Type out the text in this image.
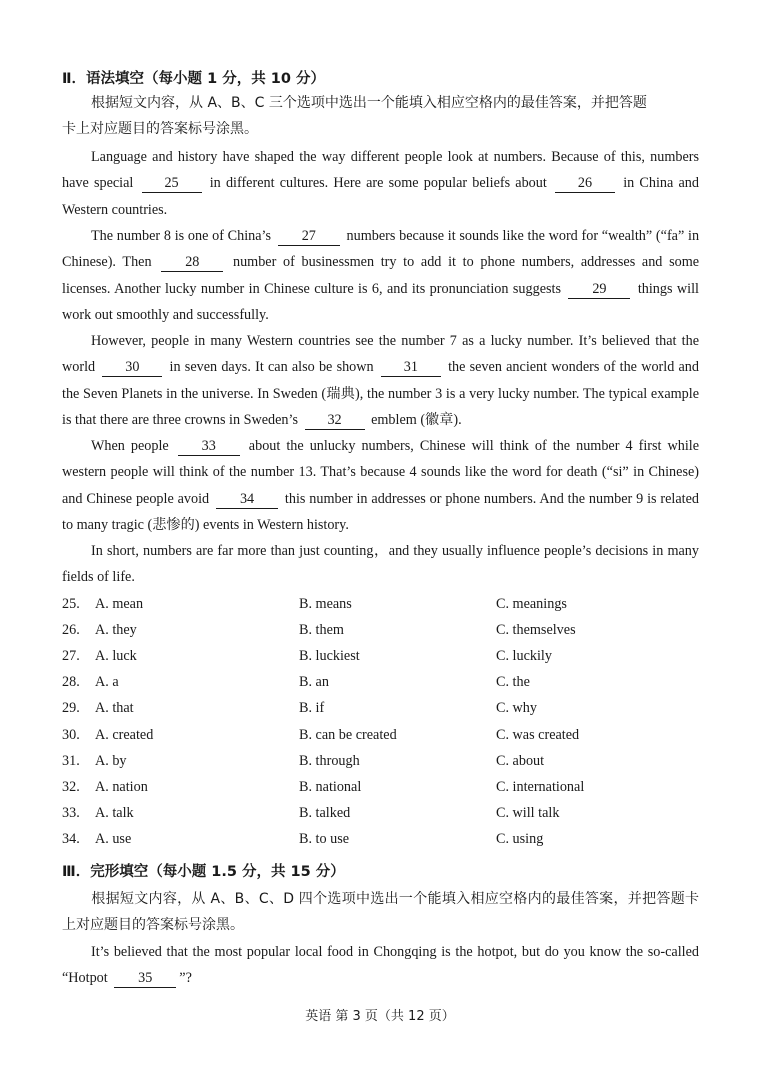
Ⅱ．语法填空（每小题 1 分，共 10 分）
根据短文内容，从 A、B、C 三个选项中选出一个能填入相应空格内的最佳答案，并把答题
卡上对应题目的答案标号涂黑。
Language and history have shaped the way different people look at numbers. Because of this, numbers have special 25 in different cultures. Here are some popular beliefs about 26 in China and Western countries.
The number 8 is one of China’s 27 numbers because it sounds like the word for “wealth” (“fa” in Chinese). Then 28 number of businessmen try to add it to phone numbers, addresses and some licenses. Another lucky number in Chinese culture is 6, and its pronunciation suggests 29 things will work out smoothly and successfully.
However, people in many Western countries see the number 7 as a lucky number. It’s believed that the world 30 in seven days. It can also be shown 31 the seven ancient wonders of the world and the Seven Planets in the universe. In Sweden (瑞典), the number 3 is a very lucky number. The typical example is that there are three crowns in Sweden’s 32 emblem (徽章).
When people 33 about the unlucky numbers, Chinese will think of the number 4 first while western people will think of the number 13. That’s because 4 sounds like the word for death (“si” in Chinese) and Chinese people avoid 34 this number in addresses or phone numbers. And the number 9 is related to many tragic (悲惨的) events in Western history.
In short, numbers are far more than just counting，and they usually influence people’s decisions in many fields of life.
25. A. mean	B. means	C. meanings
26. A. they	B. them	C. themselves
27. A. luck	B. luckiest	C. luckily
28. A. a	B. an	C. the
29. A. that	B. if	C. why
30. A. created	B. can be created	C. was created
31. A. by	B. through	C. about
32. A. nation	B. national	C. international
33. A. talk	B. talked	C. will talk
34. A. use	B. to use	C. using
Ⅲ．完形填空（每小题 1.5 分，共 15 分）
根据短文内容，从 A、B、C、D 四个选项中选出一个能填入相应空格内的最佳答案，并把答题卡上对应题目的答案标号涂黑。
It’s believed that the most popular local food in Chongqing is the hotpot, but do you know the so-called “Hotpot 35 ”?
英语 第 3 页（共 12 页）
